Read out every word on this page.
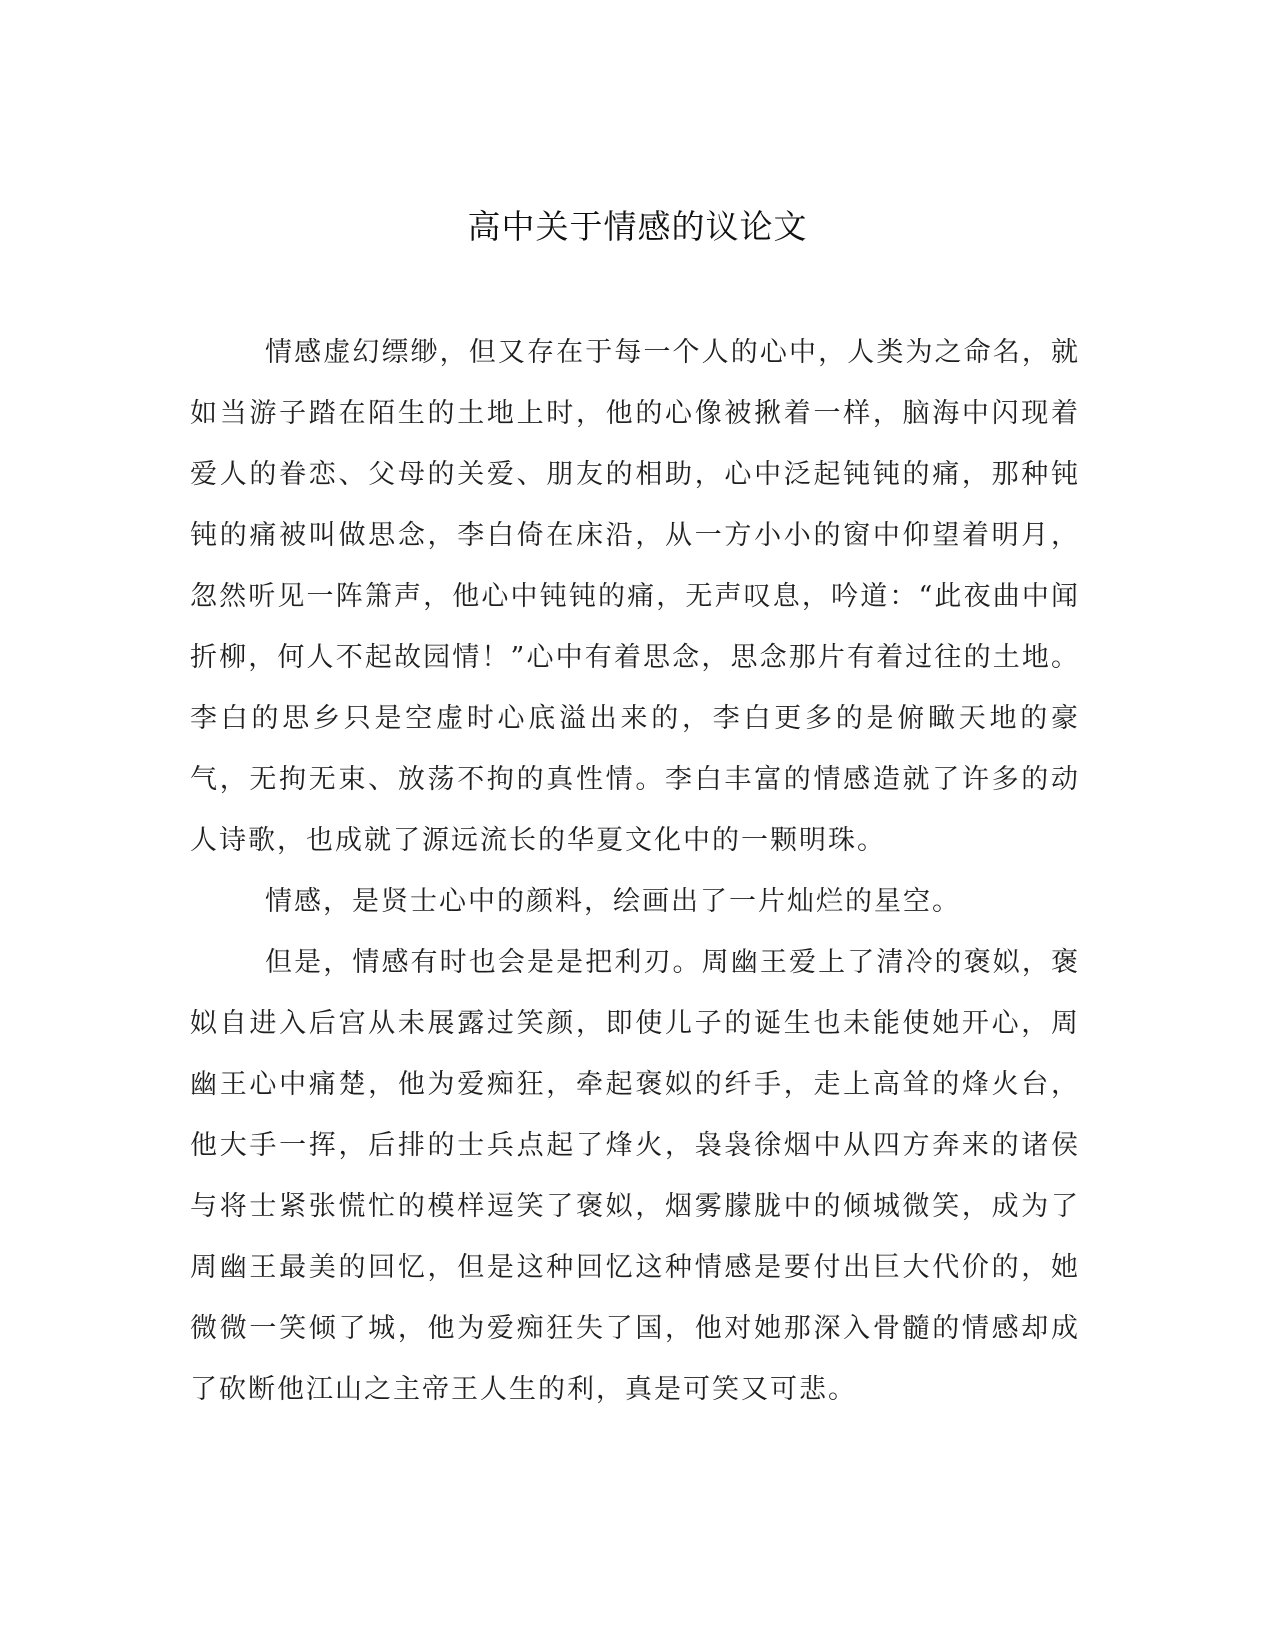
高中关于情感的议论文

情感虚幻缥缈，但又存在于每一个人的心中，人类为之命名，就如当游子踏在陌生的土地上时，他的心像被揪着一样，脑海中闪现着爱人的眷恋、父母的关爱、朋友的相助，心中泛起钝钝的痛，那种钝钝的痛被叫做思念，李白倚在床沿，从一方小小的窗中仰望着明月，忽然听见一阵箫声，他心中钝钝的痛，无声叹息，吟道：“此夜曲中闻折柳，何人不起故园情！”心中有着思念，思念那片有着过往的土地。李白的思乡只是空虚时心底溢出来的，李白更多的是俯瞰天地的豪气，无拘无束、放荡不拘的真性情。李白丰富的情感造就了许多的动人诗歌，也成就了源远流长的华夏文化中的一颗明珠。

情感，是贤士心中的颜料，绘画出了一片灿烂的星空。

但是，情感有时也会是是把利刃。周幽王爱上了清冷的褒姒，褒姒自进入后宫从未展露过笑颜，即使儿子的诞生也未能使她开心，周幽王心中痛楚，他为爱痴狂，牵起褒姒的纤手，走上高耸的烽火台，他大手一挥，后排的士兵点起了烽火，袅袅徐烟中从四方奔来的诸侯与将士紧张慌忙的模样逗笑了褒姒，烟雾朦胧中的倾城微笑，成为了周幽王最美的回忆，但是这种回忆这种情感是要付出巨大代价的，她微微一笑倾了城，他为爱痴狂失了国，他对她那深入骨髓的情感却成了砍断他江山之主帝王人生的利，真是可笑又可悲。
